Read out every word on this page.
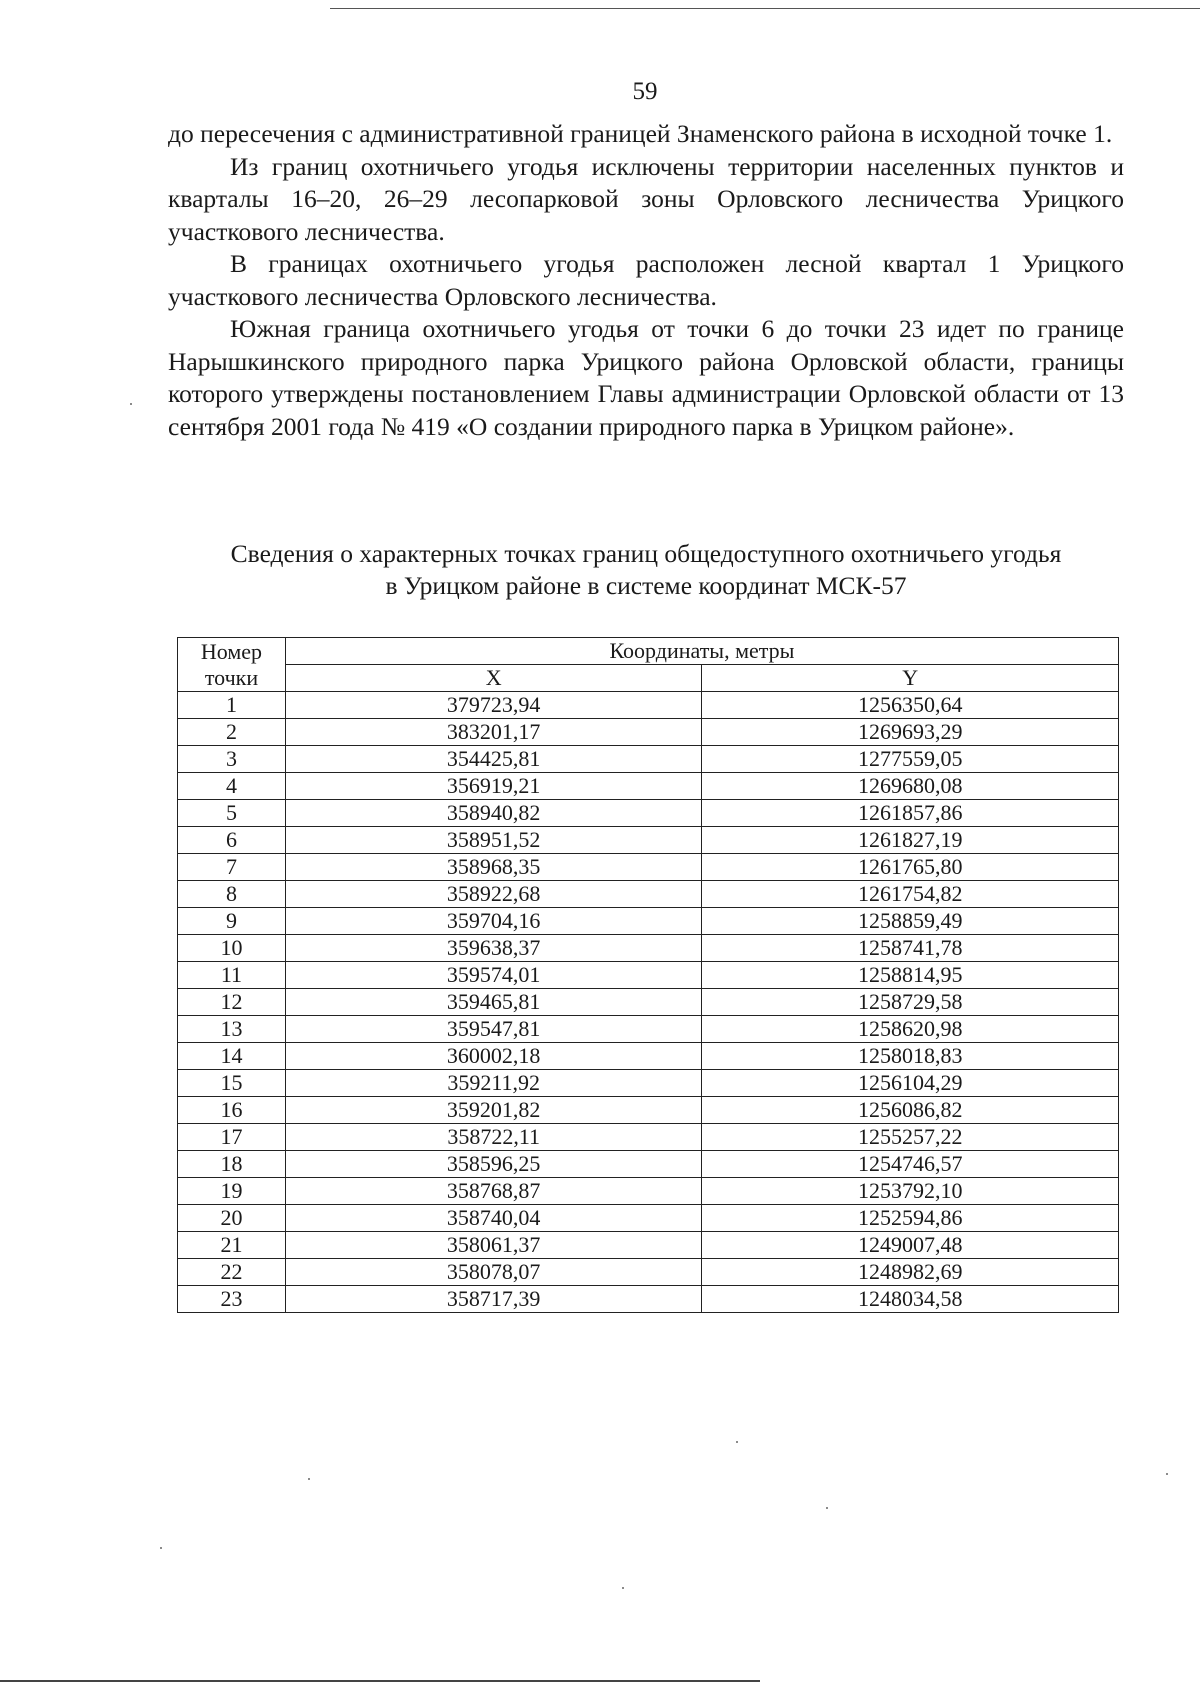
59

до пересечения с административной границей Знаменского района в исходной точке 1.

Из границ охотничьего угодья исключены территории населенных пунктов и кварталы 16–20, 26–29 лесопарковой зоны Орловского лесничества Урицкого участкового лесничества.

В границах охотничьего угодья расположен лесной квартал 1 Урицкого участкового лесничества Орловского лесничества.

Южная граница охотничьего угодья от точки 6 до точки 23 идет по границе Нарышкинского природного парка Урицкого района Орловской области, границы которого утверждены постановлением Главы администрации Орловской области от 13 сентября 2001 года № 419 «О создании природного парка в Урицком районе».

Сведения о характерных точках границ общедоступного охотничьего угодья
в Урицком районе в системе координат МСК-57
Номер
точки	Координаты, метры	
	X	Y
1	379723,94	1256350,64
2	383201,17	1269693,29
3	354425,81	1277559,05
4	356919,21	1269680,08
5	358940,82	1261857,86
6	358951,52	1261827,19
7	358968,35	1261765,80
8	358922,68	1261754,82
9	359704,16	1258859,49
10	359638,37	1258741,78
11	359574,01	1258814,95
12	359465,81	1258729,58
13	359547,81	1258620,98
14	360002,18	1258018,83
15	359211,92	1256104,29
16	359201,82	1256086,82
17	358722,11	1255257,22
18	358596,25	1254746,57
19	358768,87	1253792,10
20	358740,04	1252594,86
21	358061,37	1249007,48
22	358078,07	1248982,69
23	358717,39	1248034,58
